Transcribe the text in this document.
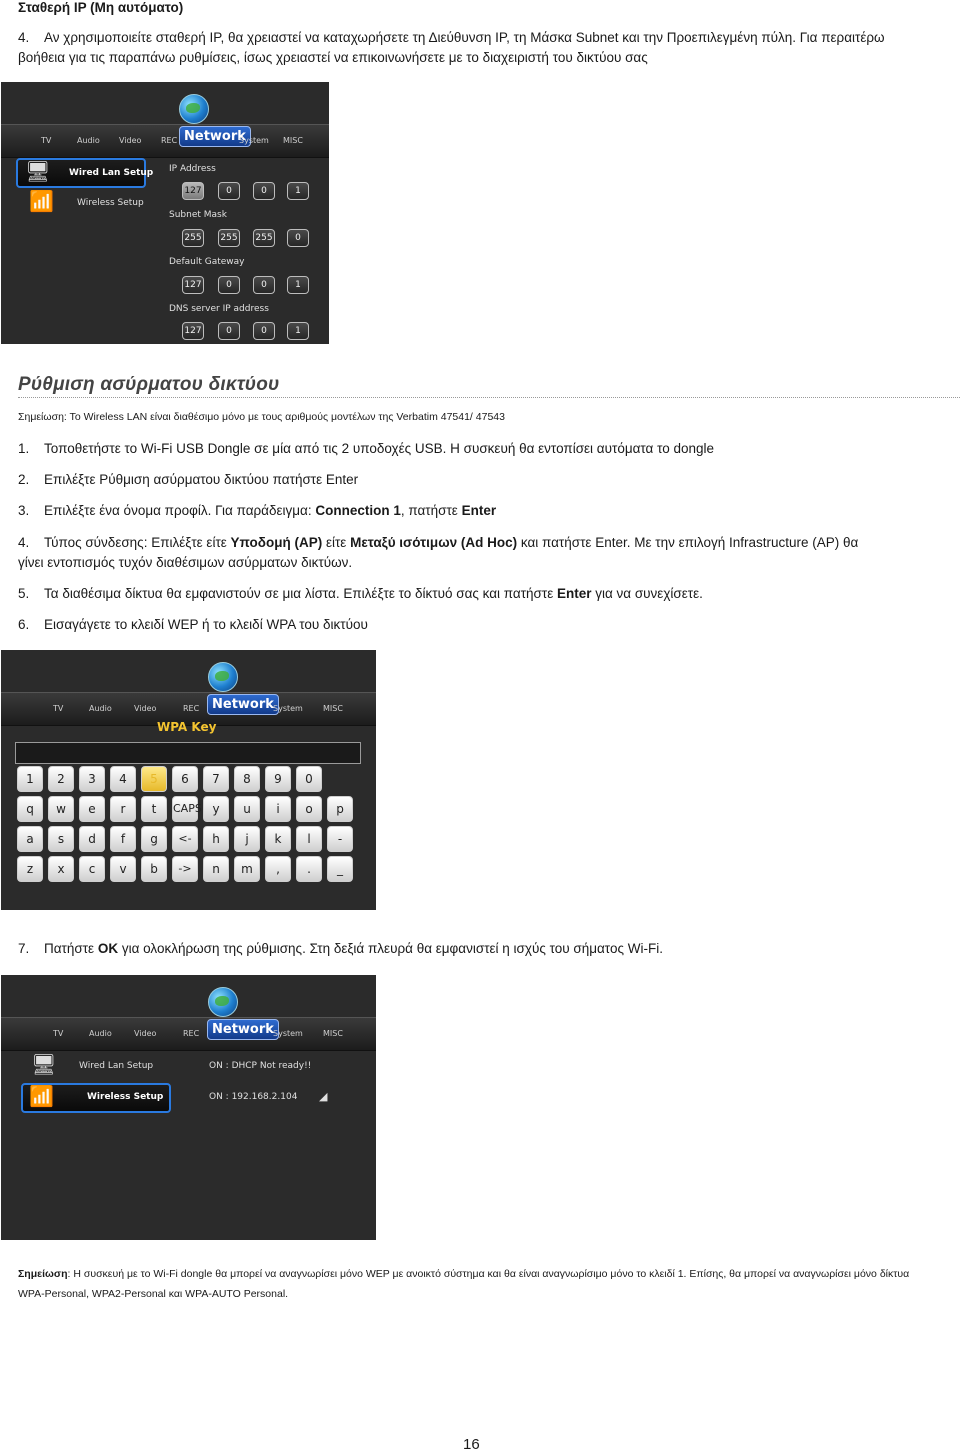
Σταθερή IP (Μη αυτόματο)
4. Αν χρησιμοποιείτε σταθερή IP, θα χρειαστεί να καταχωρήσετε τη Διεύθυνση IP, τη Μάσκα Subnet και την Προεπιλεγμένη πύλη. Για περαιτέρω
βοήθεια για τις παραπάνω ρυθμίσεις, ίσως χρειαστεί να επικοινωνήσετε με το διαχειριστή του δικτύου σας
TV	Audio Video REC Network
System MISC
🖥 Wired Lan Setup
📶	Wireless Setup
IP Address
127	0	0	1
Subnet Mask
255 255 255	0
Default Gateway
127	0	0	1
DNS server IP address
127	0	0	1
Ρύθμιση ασύρματου δικτύου
Σημείωση: Το Wireless LAN είναι διαθέσιμο μόνο με τους αριθμούς μοντέλων της Verbatim 47541/ 47543
1. Τοποθετήστε το Wi-Fi USB Dongle σε μία από τις 2 υποδοχές USB. Η συσκευή θα εντοπίσει αυτόματα το dongle
2. Επιλέξτε Ρύθμιση ασύρματου δικτύου πατήστε Enter
3. Επιλέξτε ένα όνομα προφίλ. Για παράδειγμα: Connection 1, πατήστε Enter
4. Τύπος σύνδεσης: Επιλέξτε είτε Υποδομή (AP) είτε Μεταξύ ισότιμων (Ad Hoc) και πατήστε Enter. Με την επιλογή Infrastructure (AP) θα
γίνει εντοπισμός τυχόν διαθέσιμων ασύρματων δικτύων.
5. Τα διαθέσιμα δίκτυα θα εμφανιστούν σε μια λίστα. Επιλέξτε το δίκτυό σας και πατήστε Enter για να συνεχίσετε.
6. Εισαγάγετε το κλειδί WEP ή το κλειδί WPA του δικτύου
TV	Audio	Video	REC Network System	MISC
WPA Key
1	2	3	4	5	6	7	8	9	0
q	w	e	r	t	CAPS y	u	i	o	p
a	s	d	f	g	<-	h	j	k	l	-
z	x	c	v	b	->	n	m	,	.	_
7. Πατήστε OK για ολοκλήρωση της ρύθμισης. Στη δεξιά πλευρά θα εμφανιστεί η ισχύς του σήματος Wi-Fi.
TV	Audio	Video	REC Network System	MISC
🖥	Wired Lan Setup	ON : DHCP Not ready!!
📶	Wireless Setup	ON : 192.168.2.104 ◢
Σημείωση: Η συσκευή με το Wi-Fi dongle θα μπορεί να αναγνωρίσει μόνο WEP με ανοικτό σύστημα και θα είναι αναγνωρίσιμο μόνο το κλειδί 1. Επίσης, θα μπορεί να αναγνωρίσει μόνο δίκτυα
WPA-Personal, WPA2-Personal και WPA-AUTO Personal.
16
